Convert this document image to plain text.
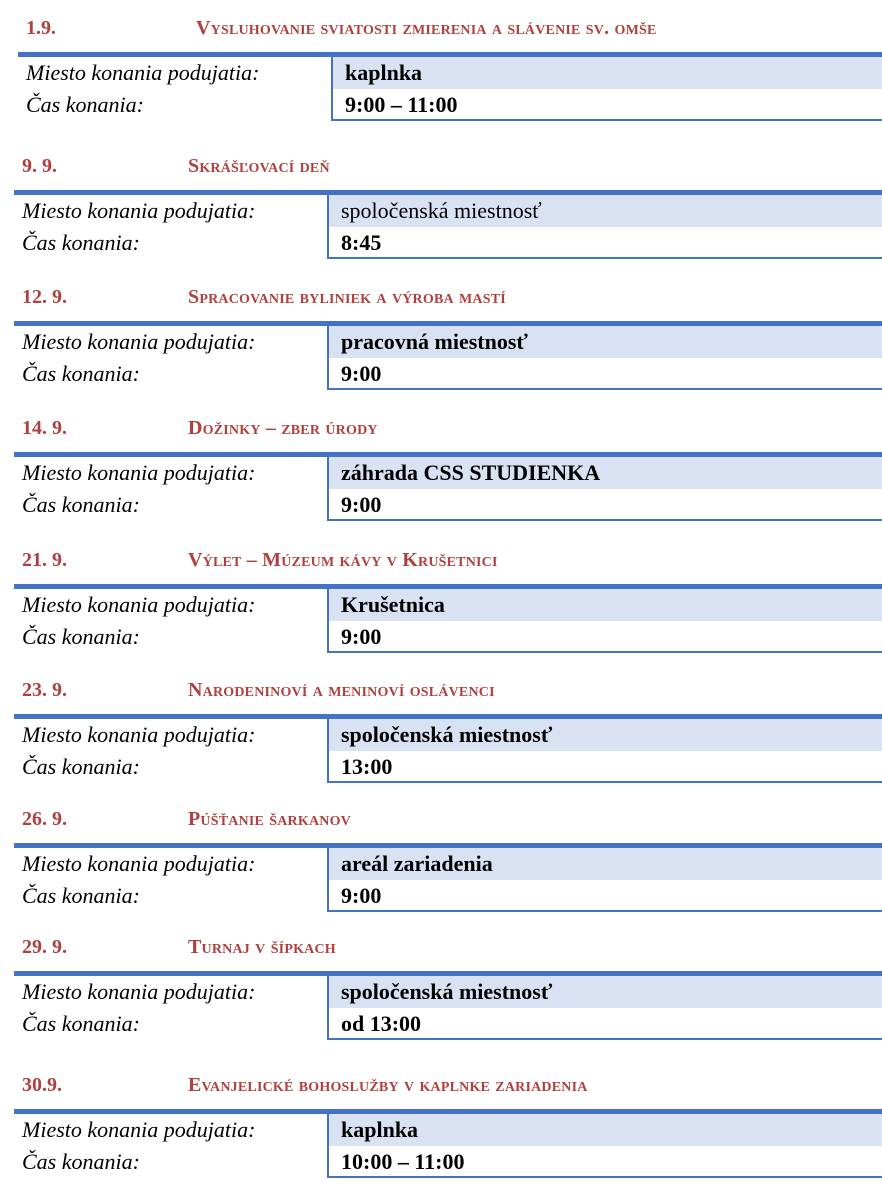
1.9.	Vysluhovanie sviatosti zmierenia a slávenie sv. omše
Miesto konania podujatia:	kaplnka
Čas konania:	9:00 – 11:00
9. 9.	Skrášľovací deň
Miesto konania podujatia:	spoločenská miestnosť
Čas konania:	8:45
12. 9.	Spracovanie byliniek a výroba mastí
Miesto konania podujatia:	pracovná miestnosť
Čas konania:	9:00
14. 9.	Dožinky – zber úrody
Miesto konania podujatia:	záhrada CSS STUDIENKA
Čas konania:	9:00
21. 9.	Výlet – Múzeum kávy v Krušetnici
Miesto konania podujatia:	Krušetnica
Čas konania:	9:00
23. 9.	Narodeninoví a meninoví oslávenci
Miesto konania podujatia:	spoločenská miestnosť
Čas konania:	13:00
26. 9.	Púšťanie šarkanov
Miesto konania podujatia:	areál zariadenia
Čas konania:	9:00
29. 9.	Turnaj v šípkach
Miesto konania podujatia:	spoločenská miestnosť
Čas konania:	od 13:00
30.9.	Evanjelické bohoslužby v kaplnke zariadenia
Miesto konania podujatia:	kaplnka
Čas konania:	10:00 – 11:00
